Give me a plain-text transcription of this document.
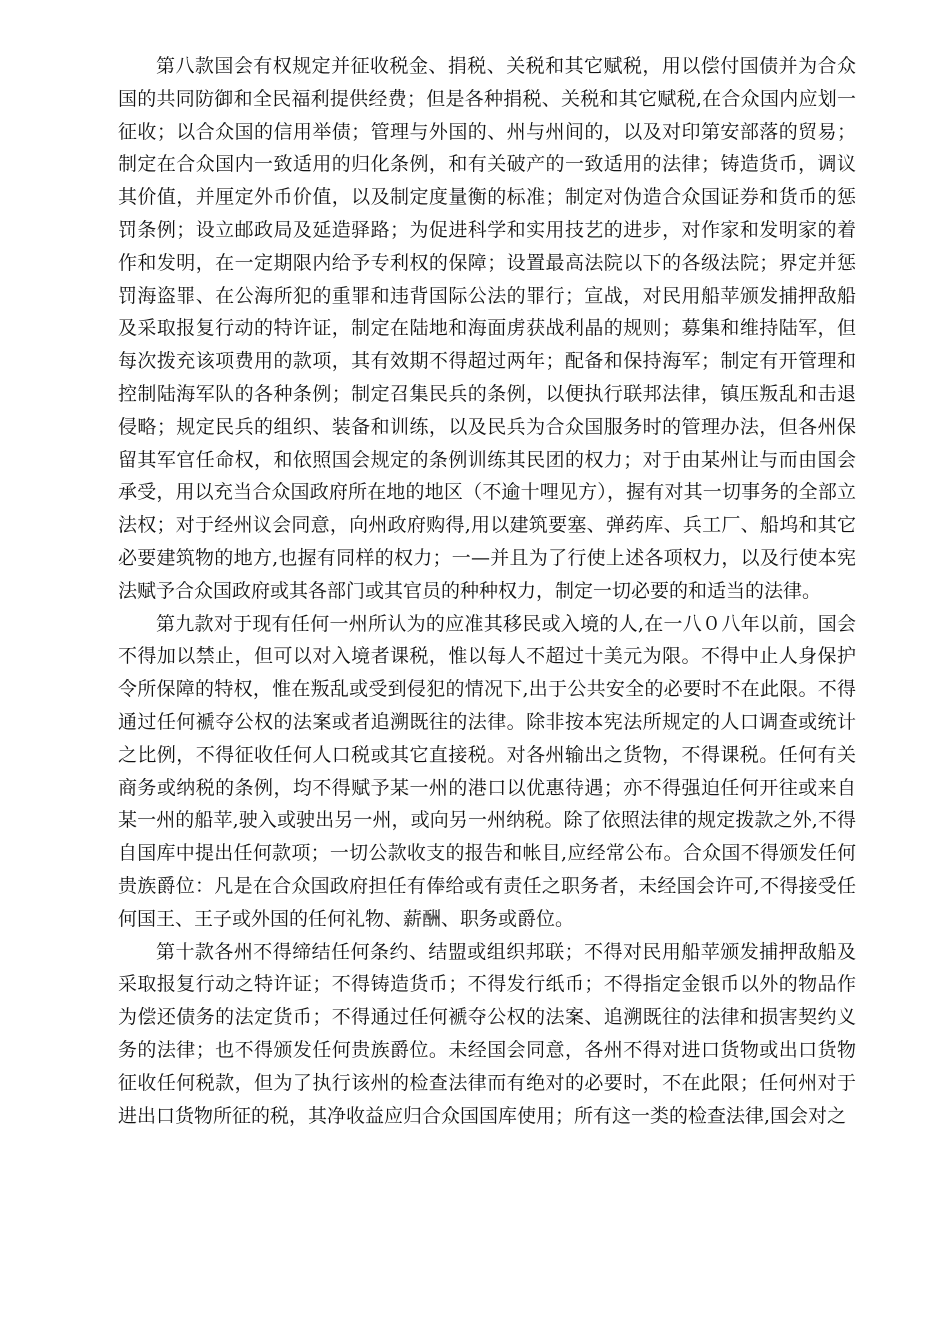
第八款国会有权规定并征收税金、捐税、关税和其它赋税，用以偿付国债并为合众国的共同防御和全民福利提供经费；但是各种捐税、关税和其它赋税,在合众国内应划一征收；以合众国的信用举债；管理与外国的、州与州间的，以及对印第安部落的贸易；制定在合众国内一致适用的归化条例，和有关破产的一致适用的法律；铸造货币，调议其价值，并厘定外币价值，以及制定度量衡的标准；制定对伪造合众国证券和货币的惩罚条例；设立邮政局及延造驿路；为促进科学和实用技艺的进步，对作家和发明家的着作和发明，在一定期限内给予专利权的保障；设置最高法院以下的各级法院；界定并惩罚海盗罪、在公海所犯的重罪和违背国际公法的罪行；宣战，对民用船苹颁发捕押敌船及采取报复行动的特许证，制定在陆地和海面虏获战利晶的规则；募集和维持陆军，但每次拨充该项费用的款项，其有效期不得超过两年；配备和保持海军；制定有开管理和控制陆海军队的各种条例；制定召集民兵的条例，以便执行联邦法律，镇压叛乱和击退侵略；规定民兵的组织、装备和训练，以及民兵为合众国服务时的管理办法，但各州保留其军官任命权，和依照国会规定的条例训练其民团的权力；对于由某州让与而由国会承受，用以充当合众国政府所在地的地区（不逾十哩见方），握有对其一切事务的全部立法权；对于经州议会同意，向州政府购得,用以建筑要塞、弹药库、兵工厂、船坞和其它必要建筑物的地方,也握有同样的权力；一—并且为了行使上述各项权力，以及行使本宪法赋予合众国政府或其各部门或其官员的种种权力，制定一切必要的和适当的法律。

第九款对于现有任何一州所认为的应准其移民或入境的人,在一八０八年以前，国会不得加以禁止，但可以对入境者课税，惟以每人不超过十美元为限。不得中止人身保护令所保障的特权，惟在叛乱或受到侵犯的情况下,出于公共安全的必要时不在此限。不得通过任何褫夺公权的法案或者追溯既往的法律。除非按本宪法所规定的人口调查或统计之比例，不得征收任何人口税或其它直接税。对各州输出之货物，不得课税。任何有关商务或纳税的条例，均不得赋予某一州的港口以优惠待遇；亦不得强迫任何开往或来自某一州的船苹,驶入或驶出另一州，或向另一州纳税。除了依照法律的规定拨款之外,不得自国库中提出任何款项；一切公款收支的报告和帐目,应经常公布。合众国不得颁发任何贵族爵位：凡是在合众国政府担任有俸给或有责任之职务者，未经国会许可,不得接受任何国王、王子或外国的任何礼物、薪酬、职务或爵位。

第十款各州不得缔结任何条约、结盟或组织邦联；不得对民用船苹颁发捕押敌船及采取报复行动之特许证；不得铸造货币；不得发行纸币；不得指定金银币以外的物品作为偿还债务的法定货币；不得通过任何褫夺公权的法案、追溯既往的法律和损害契约义务的法律；也不得颁发任何贵族爵位。未经国会同意，各州不得对进口货物或出口货物征收任何税款，但为了执行该州的检查法律而有绝对的必要时，不在此限；任何州对于进出口货物所征的税，其净收益应归合众国国库使用；所有这一类的检查法律,国会对之
